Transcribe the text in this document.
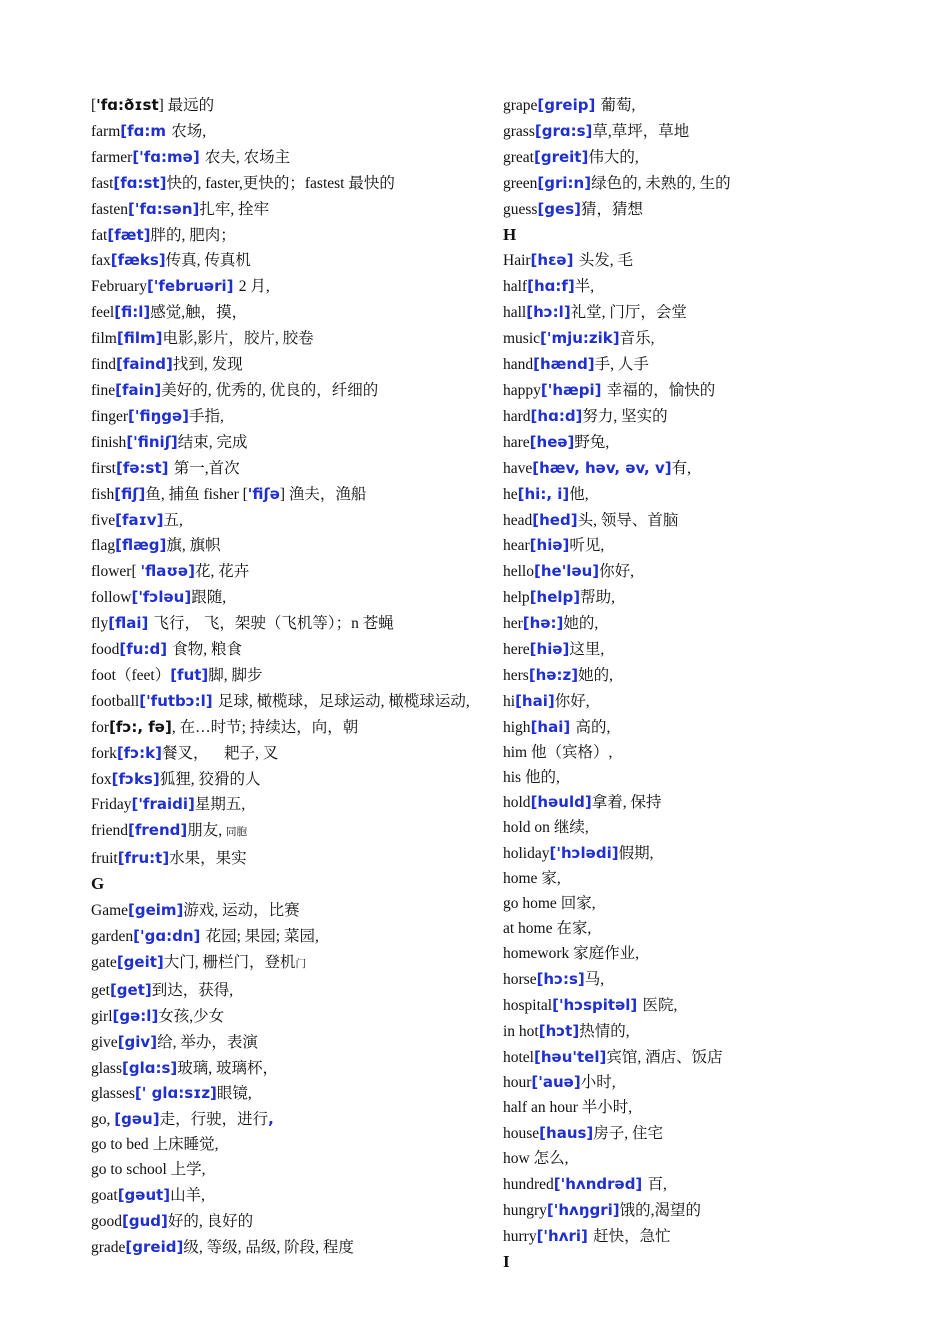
['fɑ:ðɪst] 最远的
farm[fɑ:m 农场,
farmer['fɑ:mə] 农夫, 农场主
fast[fɑ:st]快的, faster,更快的；fastest 最快的
fasten['fɑ:sən]扎牢, 拴牢
fat[fæt]胖的, 肥肉；
fax[fæks]传真, 传真机
February['februəri] 2 月,
feel[fi:l]感觉,触，摸，
film[film]电影,影片，胶片, 胶卷
find[faind]找到, 发现
fine[fain]美好的, 优秀的, 优良的，纤细的
finger['fiŋgə]手指,
finish['finiʃ]结束, 完成
first[fə:st] 第一,首次
fish[fiʃ]鱼, 捕鱼 fisher ['fiʃə] 渔夫，渔船
five[faɪv]五,
flag[flæg]旗, 旗帜
flower[ 'flaʊə]花, 花卉
follow['fɔləu]跟随,
fly[flai] 飞行， 飞，架驶（飞机等）；n 苍蝇
food[fu:d] 食物, 粮食
foot（feet）[fut]脚, 脚步
football['futbɔ:l] 足球, 橄榄球，足球运动, 橄榄球运动,
for[fɔ:, fə], 在…时节; 持续达，向，朝
fork[fɔ:k]餐叉，    耙子, 叉
fox[fɔks]狐狸, 狡猾的人
Friday['fraidi]星期五,
friend[frend]朋友, 同胞
fruit[fru:t]水果，果实
G
Game[geim]游戏, 运动，比赛
garden['gɑ:dn] 花园; 果园; 菜园,
gate[geit]大门, 栅栏门，登机门
get[get]到达，获得,
girl[gə:l]女孩,少女
give[giv]给, 举办，表演
glass[glɑ:s]玻璃, 玻璃杯，
glasses[' glɑ:sɪz]眼镜,
go, [gəu]走，行驶，进行,
go to bed 上床睡觉,
go to school 上学,
goat[gəut]山羊,
good[gud]好的, 良好的
grade[greid]级, 等级, 品级, 阶段, 程度
grape[greip] 葡萄,
grass[grɑ:s]草,草坪，草地
great[greit]伟大的,
green[gri:n]绿色的, 未熟的, 生的
guess[ges]猜，猜想
H
Hair[hɛə] 头发, 毛
half[hɑ:f]半,
hall[hɔ:l]礼堂, 门厅，会堂
music['mju:zik]音乐,
hand[hænd]手, 人手
happy['hæpi] 幸福的，愉快的
hard[hɑ:d]努力, 坚实的
hare[heə]野兔,
have[hæv, həv, əv, v]有,
he[hi:, i]他,
head[hed]头, 领导、首脑
hear[hiə]听见,
hello[he'ləu]你好,
help[help]帮助,
her[hə:]她的,
here[hiə]这里,
hers[hə:z]她的,
hi[hai]你好,
high[hai] 高的,
him 他（宾格）,
his 他的,
hold[həuld]拿着, 保持
hold on 继续,
holiday['hɔlədi]假期,
home 家,
go home 回家,
at home 在家,
homework 家庭作业,
horse[hɔ:s]马,
hospital['hɔspitəl] 医院,
in hot[hɔt]热情的,
hotel[həu'tel]宾馆, 酒店、饭店
hour['auə]小时,
half an hour 半小时,
house[haus]房子, 住宅
how 怎么,
hundred['hʌndrəd] 百,
hungry['hʌŋgri]饿的,渴望的
hurry['hʌri] 赶快，急忙
I
